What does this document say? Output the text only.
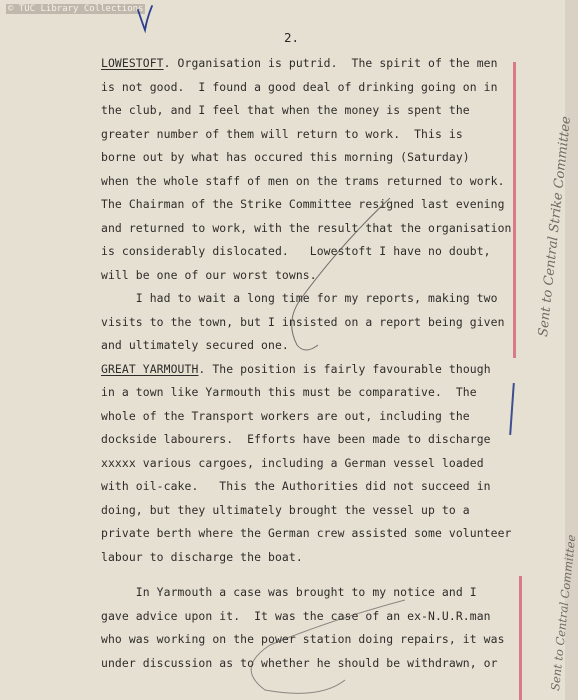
© TUC Library Collections
2.
LOWESTOFT. Organisation is putrid.  The spirit of the men
is not good.  I found a good deal of drinking going on in
the club, and I feel that when the money is spent the
greater number of them will return to work.  This is
borne out by what has occured this morning (Saturday)
when the whole staff of men on the trams returned to work.
The Chairman of the Strike Committee resigned last evening
and returned to work, with the result that the organisation
is considerably dislocated.   Lowestoft I have no doubt,
will be one of our worst towns.
I had to wait a long time for my reports, making two
visits to the town, but I insisted on a report being given
and ultimately secured one.
GREAT YARMOUTH. The position is fairly favourable though
in a town like Yarmouth this must be comparative.  The
whole of the Transport workers are out, including the
dockside labourers.  Efforts have been made to discharge
xxxxx various cargoes, including a German vessel loaded
with oil-cake.   This the Authorities did not succeed in
doing, but they ultimately brought the vessel up to a
private berth where the German crew assisted some volunteer
labour to discharge the boat.
In Yarmouth a case was brought to my notice and I
gave advice upon it.  It was the case of an ex-N.U.R.man
who was working on the power station doing repairs, it was
under discussion as to whether he should be withdrawn, or
Sent to Central Strike Committee
Sent to Central Committee
